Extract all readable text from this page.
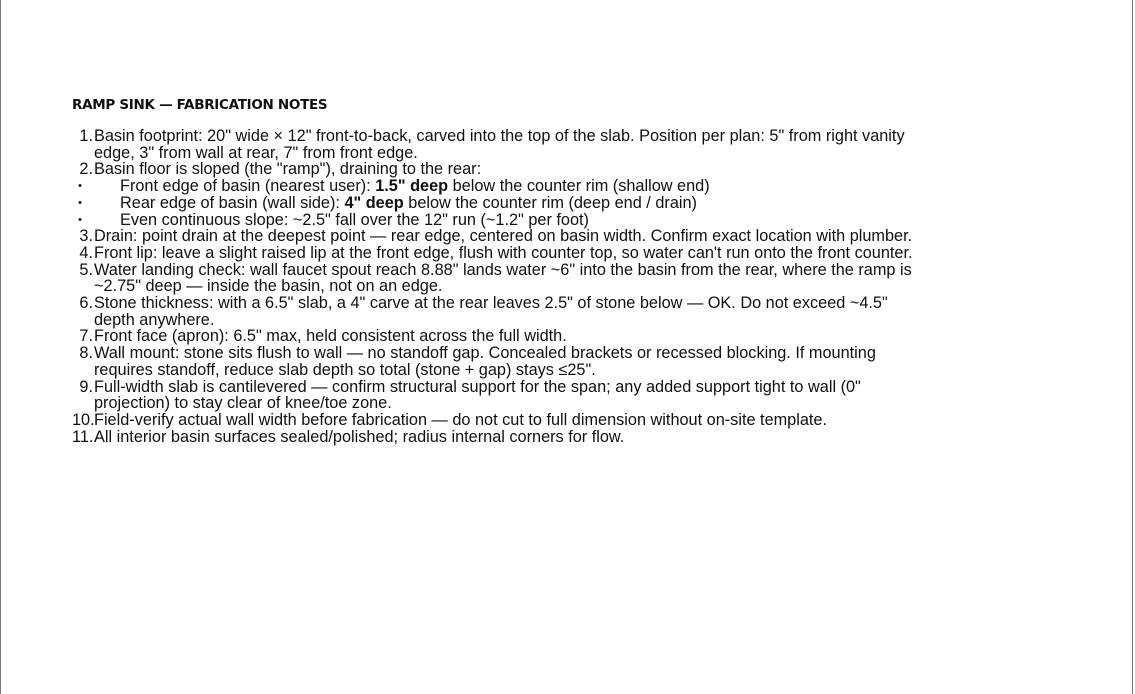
RAMP SINK — FABRICATION NOTES
1. Basin footprint: 20" wide × 12" front-to-back, carved into the top of the slab. Position per plan: 5" from right vanity edge, 3" from wall at rear, 7" from front edge.
2. Basin floor is sloped (the "ramp"), draining to the rear:
•	Front edge of basin (nearest user): 1.5" deep below the counter rim (shallow end)
•	Rear edge of basin (wall side): 4" deep below the counter rim (deep end / drain)
•	Even continuous slope: ~2.5" fall over the 12" run (~1.2" per foot)
3. Drain: point drain at the deepest point — rear edge, centered on basin width. Confirm exact location with plumber.
4. Front lip: leave a slight raised lip at the front edge, flush with counter top, so water can't run onto the front counter.
5. Water landing check: wall faucet spout reach 8.88" lands water ~6" into the basin from the rear, where the ramp is ~2.75" deep — inside the basin, not on an edge.
6. Stone thickness: with a 6.5" slab, a 4" carve at the rear leaves 2.5" of stone below — OK. Do not exceed ~4.5" depth anywhere.
7. Front face (apron): 6.5" max, held consistent across the full width.
8. Wall mount: stone sits flush to wall — no standoff gap. Concealed brackets or recessed blocking. If mounting requires standoff, reduce slab depth so total (stone + gap) stays ≤25".
9. Full-width slab is cantilevered — confirm structural support for the span; any added support tight to wall (0" projection) to stay clear of knee/toe zone.
10. Field-verify actual wall width before fabrication — do not cut to full dimension without on-site template.
11. All interior basin surfaces sealed/polished; radius internal corners for flow.
